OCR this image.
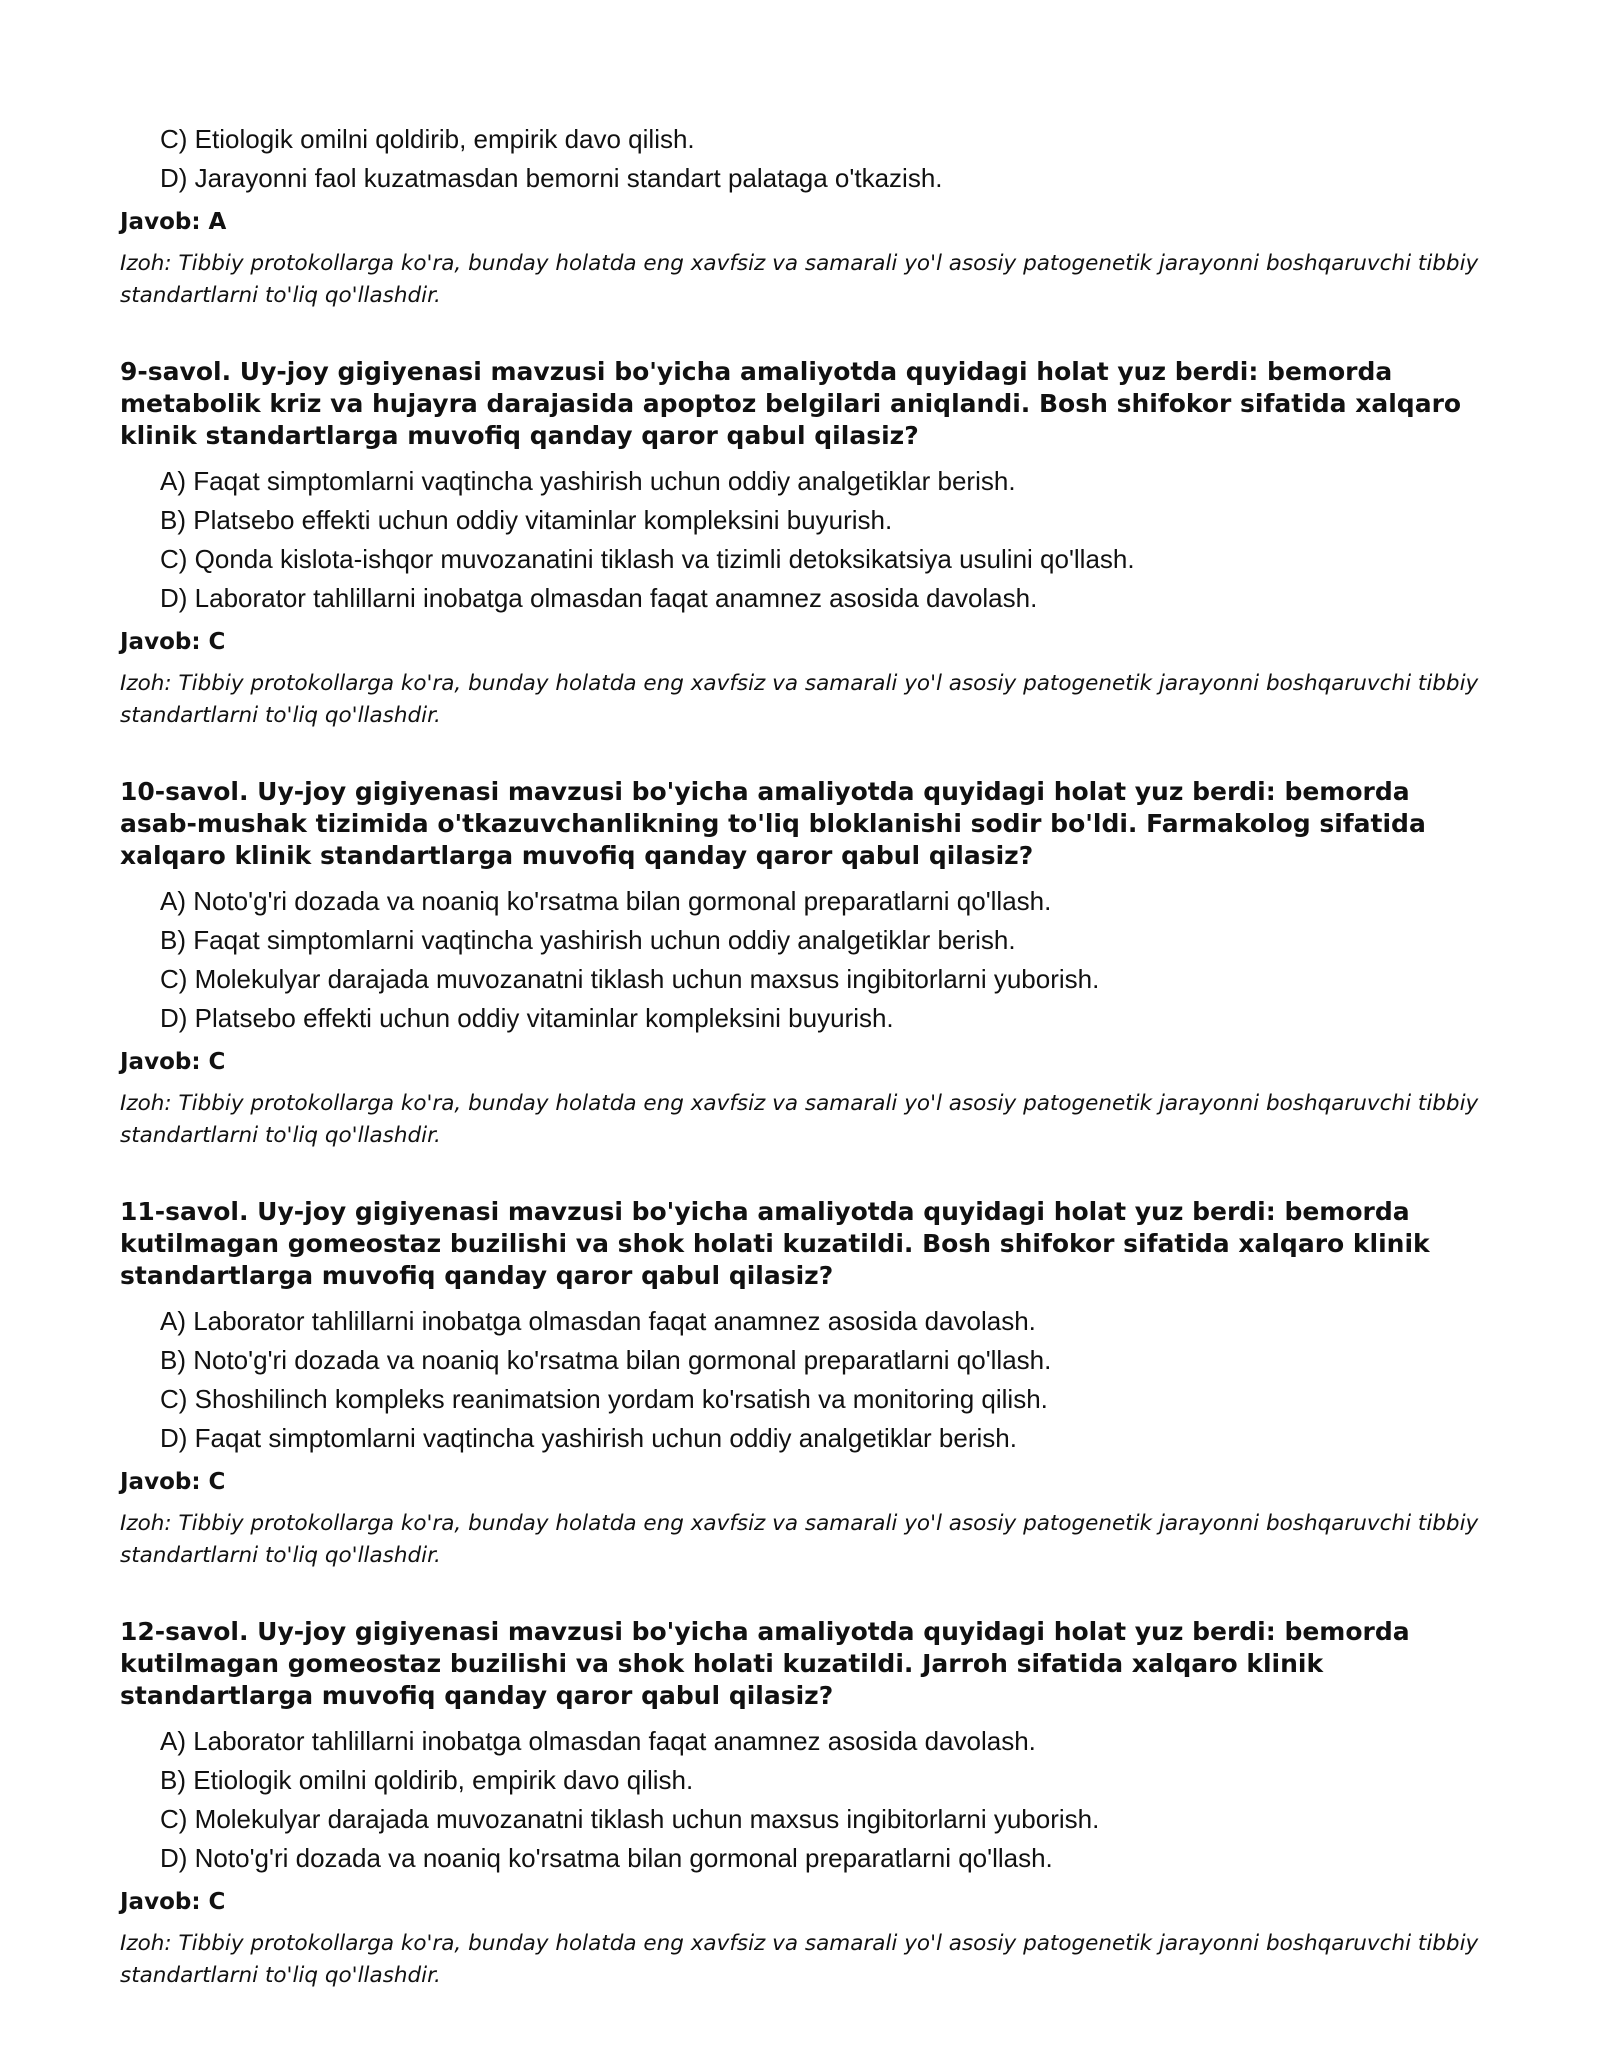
C) Etiologik omilni qoldirib, empirik davo qilish.
D) Jarayonni faol kuzatmasdan bemorni standart palataga o'tkazish.
Javob: A
Izoh: Tibbiy protokollarga ko'ra, bunday holatda eng xavfsiz va samarali yo'l asosiy patogenetik jarayonni boshqaruvchi tibbiy standartlarni to'liq qo'llashdir.
9-savol. Uy-joy gigiyenasi mavzusi bo'yicha amaliyotda quyidagi holat yuz berdi: bemorda metabolik kriz va hujayra darajasida apoptoz belgilari aniqlandi. Bosh shifokor sifatida xalqaro klinik standartlarga muvofiq qanday qaror qabul qilasiz?
A) Faqat simptomlarni vaqtincha yashirish uchun oddiy analgetiklar berish.
B) Platsebo effekti uchun oddiy vitaminlar kompleksini buyurish.
C) Qonda kislota-ishqor muvozanatini tiklash va tizimli detoksikatsiya usulini qo'llash.
D) Laborator tahlillarni inobatga olmasdan faqat anamnez asosida davolash.
Javob: C
Izoh: Tibbiy protokollarga ko'ra, bunday holatda eng xavfsiz va samarali yo'l asosiy patogenetik jarayonni boshqaruvchi tibbiy standartlarni to'liq qo'llashdir.
10-savol. Uy-joy gigiyenasi mavzusi bo'yicha amaliyotda quyidagi holat yuz berdi: bemorda asab-mushak tizimida o'tkazuvchanlikning to'liq bloklanishi sodir bo'ldi. Farmakolog sifatida xalqaro klinik standartlarga muvofiq qanday qaror qabul qilasiz?
A) Noto'g'ri dozada va noaniq ko'rsatma bilan gormonal preparatlarni qo'llash.
B) Faqat simptomlarni vaqtincha yashirish uchun oddiy analgetiklar berish.
C) Molekulyar darajada muvozanatni tiklash uchun maxsus ingibitorlarni yuborish.
D) Platsebo effekti uchun oddiy vitaminlar kompleksini buyurish.
Javob: C
Izoh: Tibbiy protokollarga ko'ra, bunday holatda eng xavfsiz va samarali yo'l asosiy patogenetik jarayonni boshqaruvchi tibbiy standartlarni to'liq qo'llashdir.
11-savol. Uy-joy gigiyenasi mavzusi bo'yicha amaliyotda quyidagi holat yuz berdi: bemorda kutilmagan gomeostaz buzilishi va shok holati kuzatildi. Bosh shifokor sifatida xalqaro klinik standartlarga muvofiq qanday qaror qabul qilasiz?
A) Laborator tahlillarni inobatga olmasdan faqat anamnez asosida davolash.
B) Noto'g'ri dozada va noaniq ko'rsatma bilan gormonal preparatlarni qo'llash.
C) Shoshilinch kompleks reanimatsion yordam ko'rsatish va monitoring qilish.
D) Faqat simptomlarni vaqtincha yashirish uchun oddiy analgetiklar berish.
Javob: C
Izoh: Tibbiy protokollarga ko'ra, bunday holatda eng xavfsiz va samarali yo'l asosiy patogenetik jarayonni boshqaruvchi tibbiy standartlarni to'liq qo'llashdir.
12-savol. Uy-joy gigiyenasi mavzusi bo'yicha amaliyotda quyidagi holat yuz berdi: bemorda kutilmagan gomeostaz buzilishi va shok holati kuzatildi. Jarroh sifatida xalqaro klinik standartlarga muvofiq qanday qaror qabul qilasiz?
A) Laborator tahlillarni inobatga olmasdan faqat anamnez asosida davolash.
B) Etiologik omilni qoldirib, empirik davo qilish.
C) Molekulyar darajada muvozanatni tiklash uchun maxsus ingibitorlarni yuborish.
D) Noto'g'ri dozada va noaniq ko'rsatma bilan gormonal preparatlarni qo'llash.
Javob: C
Izoh: Tibbiy protokollarga ko'ra, bunday holatda eng xavfsiz va samarali yo'l asosiy patogenetik jarayonni boshqaruvchi tibbiy standartlarni to'liq qo'llashdir.
